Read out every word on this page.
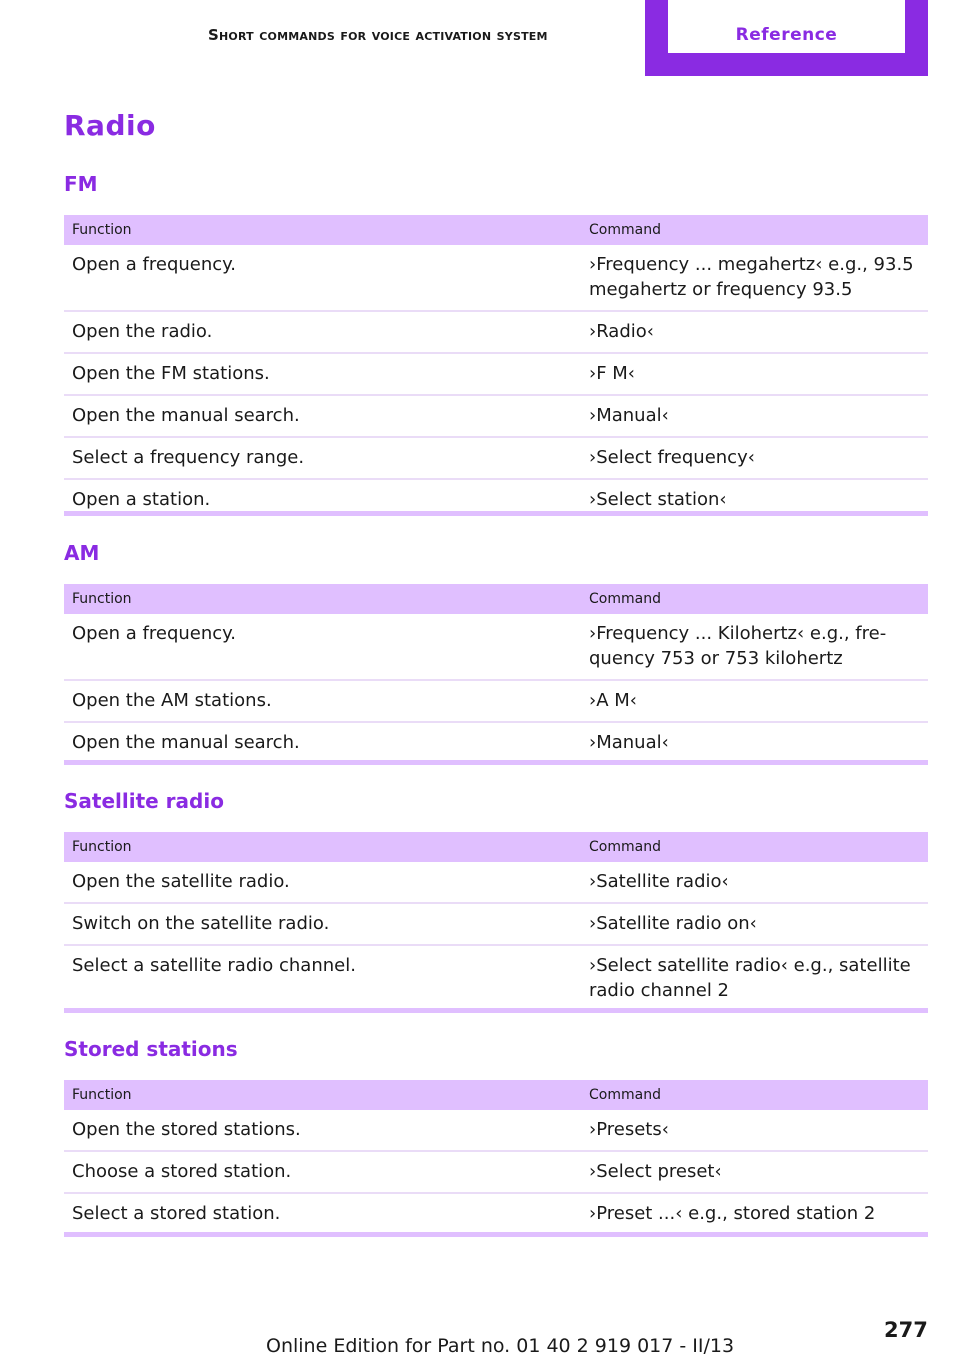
Short commands for voice activation system	Reference
Radio
FM
Function	Command
Open a frequency.	›Frequency ... megahertz‹ e.g., 93.5 megahertz or frequency 93.5
Open the radio.	›Radio‹
Open the FM stations.	›F M‹
Open the manual search.	›Manual‹
Select a frequency range.	›Select frequency‹
Open a station.	›Select station‹
AM
Function	Command
Open a frequency.	›Frequency ... Kilohertz‹ e.g., fre‐ quency 753 or 753 kilohertz
Open the AM stations.	›A M‹
Open the manual search.	›Manual‹
Satellite radio
Function	Command
Open the satellite radio.	›Satellite radio‹
Switch on the satellite radio.	›Satellite radio on‹
Select a satellite radio channel.	›Select satellite radio‹ e.g., satellite radio channel 2
Stored stations
Function	Command
Open the stored stations.	›Presets‹
Choose a stored station.	›Select preset‹
Select a stored station.	›Preset ...‹ e.g., stored station 2
277
Online Edition for Part no. 01 40 2 919 017 - II/13
